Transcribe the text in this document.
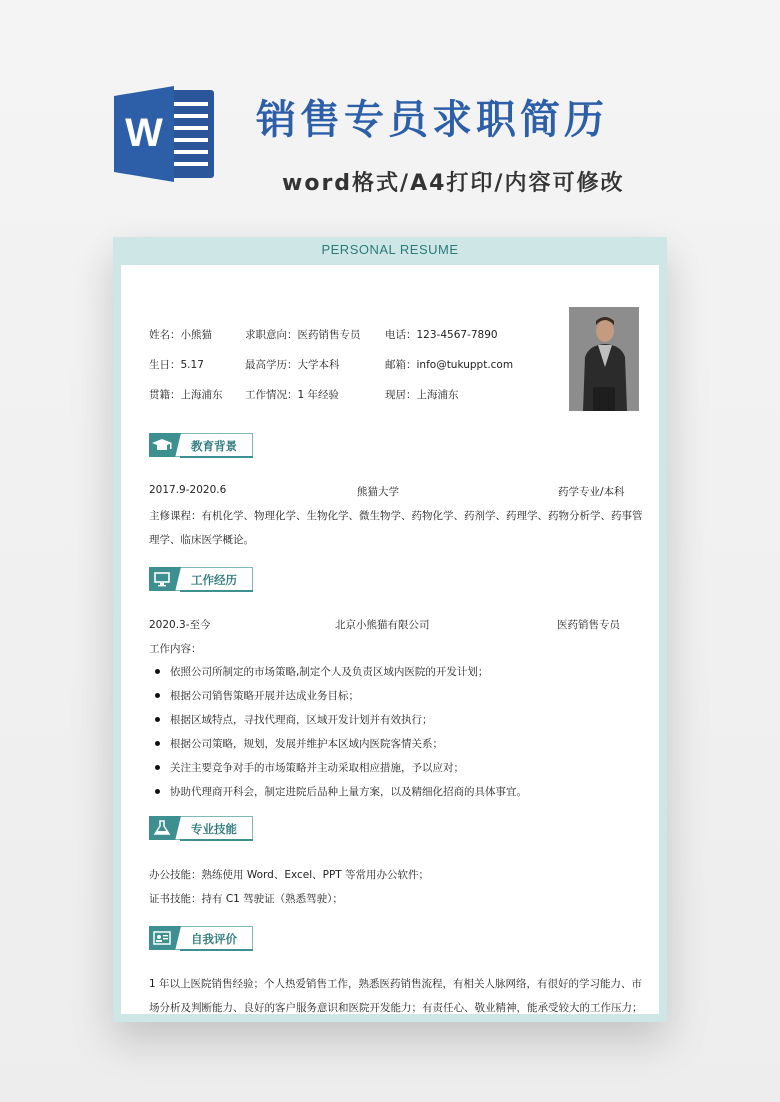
W 销售专员求职简历
word格式/A4打印/内容可修改
PERSONAL RESUME
姓名：小熊猫	求职意向：医药销售专员 电话：123-4567-7890
生日：5.17	最高学历：大学本科	邮箱：info@tukuppt.com
贯籍：上海浦东 工作情况：1 年经验	现居：上海浦东
教育背景
2017.9-2020.6	熊猫大学	药学专业/本科
主修课程：有机化学、物理化学、生物化学、微生物学、药物化学、药剂学、药理学、药物分析学、药事管
理学、临床医学概论。
工作经历
2020.3-至今	北京小熊猫有限公司	医药销售专员
工作内容：
依照公司所制定的市场策略,制定个人及负责区域内医院的开发计划；
根据公司销售策略开展并达成业务目标；
根据区域特点，寻找代理商，区域开发计划并有效执行；
根据公司策略，规划，发展并维护本区域内医院客情关系；
关注主要竞争对手的市场策略并主动采取相应措施，予以应对；
协助代理商开科会，制定进院后品种上量方案，以及精细化招商的具体事宜。
专业技能
办公技能：熟练使用 Word、Excel、PPT 等常用办公软件；
证书技能：持有 C1 驾驶证（熟悉驾驶）；
自我评价
1 年以上医院销售经验；个人热爱销售工作，熟悉医药销售流程，有相关人脉网络，有很好的学习能力、市
场分析及判断能力、良好的客户服务意识和医院开发能力；有责任心、敬业精神，能承受较大的工作压力；
